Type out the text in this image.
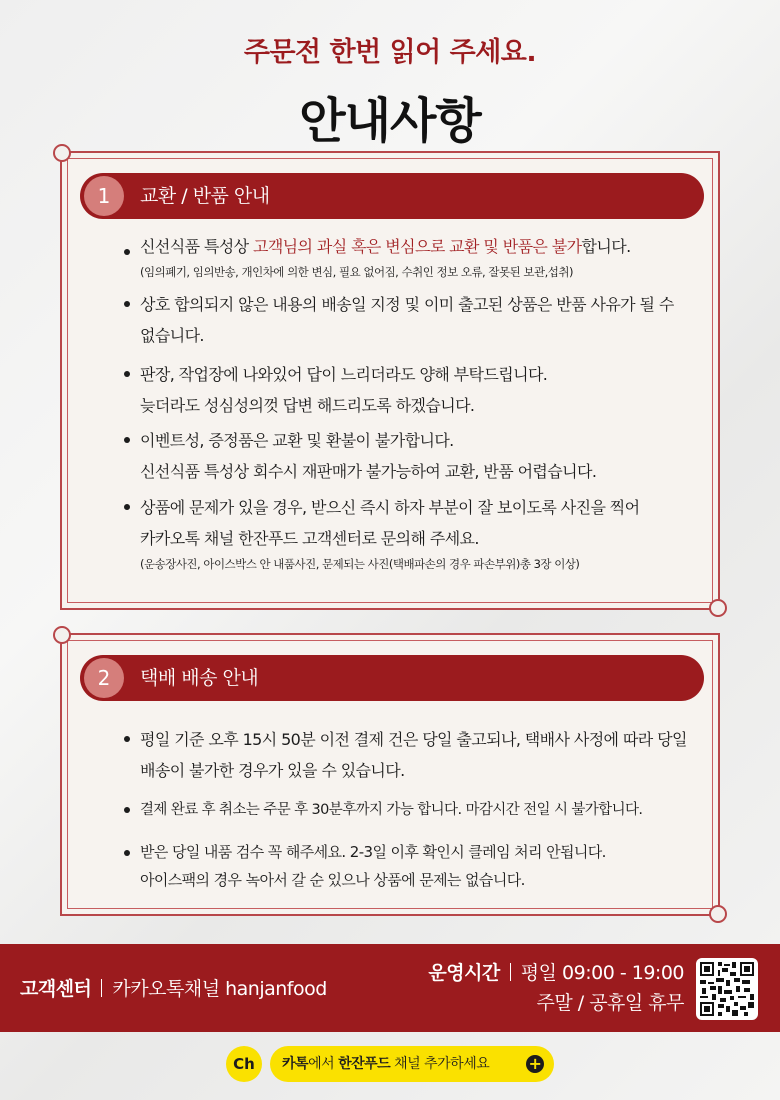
주문전 한번 읽어 주세요.
안내사항
1	교환 / 반품 안내
신선식품 특성상 고객님의 과실 혹은 변심으로 교환 및 반품은 불가합니다.
(임의폐기, 임의반송, 개인차에 의한 변심, 필요 없어짐, 수취인 정보 오류, 잘못된 보관,섭취)
상호 합의되지 않은 내용의 배송일 지정 및 이미 출고된 상품은 반품 사유가 될 수
없습니다.
판장, 작업장에 나와있어 답이 느리더라도 양해 부탁드립니다.
늦더라도 성심성의껏 답변 해드리도록 하겠습니다.
이벤트성, 증정품은 교환 및 환불이 불가합니다.
신선식품 특성상 회수시 재판매가 불가능하여 교환, 반품 어렵습니다.
상품에 문제가 있을 경우, 받으신 즉시 하자 부분이 잘 보이도록 사진을 찍어
카카오톡 채널 한잔푸드 고객센터로 문의해 주세요.
(운송장사진, 아이스박스 안 내품사진, 문제되는 사진(택배파손의 경우 파손부위)총 3장 이상)
2	택배 배송 안내
평일 기준 오후 15시 50분 이전 결제 건은 당일 출고되나, 택배사 사정에 따라 당일
배송이 불가한 경우가 있을 수 있습니다.
결제 완료 후 취소는 주문 후 30분후까지 가능 합니다. 마감시간 전일 시 불가합니다.
받은 당일 내품 검수 꼭 해주세요. 2-3일 이후 확인시 클레임 처리 안됩니다.
아이스팩의 경우 녹아서 갈 순 있으나 상품에 문제는 없습니다.
고객센터 카카오톡채널 hanjanfood
운영시간 평일 09:00 - 19:00
주말 / 공휴일 휴무
Ch	카톡에서 한잔푸드 채널 추가하세요 +
